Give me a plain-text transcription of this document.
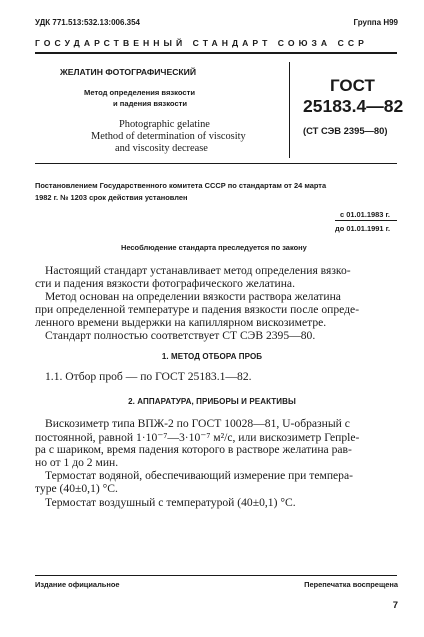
УДК 771.513:532.13:006.354	Группа Н99
ГОСУДАРСТВЕННЫЙ СТАНДАРТ СОЮЗА ССР
ЖЕЛАТИН ФОТОГРАФИЧЕСКИЙ
Метод определения вязкости
и падения вязкости
Photographic gelatine
Method of determination of viscosity
and viscosity decrease
ГОСТ
25183.4—82
(СТ СЭВ 2395—80)
Постановлением Государственного комитета СССР по стандартам от 24 марта
1982 г. № 1203 срок действия установлен
с 01.01.1983 г.
до 01.01.1991 г.
Несоблюдение стандарта преследуется по закону
Настоящий стандарт устанавливает метод определения вязко-
сти и падения вязкости фотографического желатина.
Метод основан на определении вязкости раствора желатина
при определенной температуре и падения вязкости после опреде-
ленного времени выдержки на капиллярном вискозиметре.
Стандарт полностью соответствует СТ СЭВ 2395—80.
1. МЕТОД ОТБОРА ПРОБ
1.1. Отбор проб — по ГОСТ 25183.1—82.
2. АППАРАТУРА, ПРИБОРЫ И РЕАКТИВЫ
Вискозиметр типа ВПЖ-2 по ГОСТ 10028—81, U-образный с
постоянной, равной 1·10⁻⁷—3·10⁻⁷ м²/с, или вискозиметр Гепple-
ра с шариком, время падения которого в растворе желатина рав-
но от 1 до 2 мин.
Термостат водяной, обеспечивающий измерение при темпера-
туре (40±0,1) °С.
Термостат воздушный с температурой (40±0,1) °С.
Издание официальное	Перепечатка воспрещена
7
